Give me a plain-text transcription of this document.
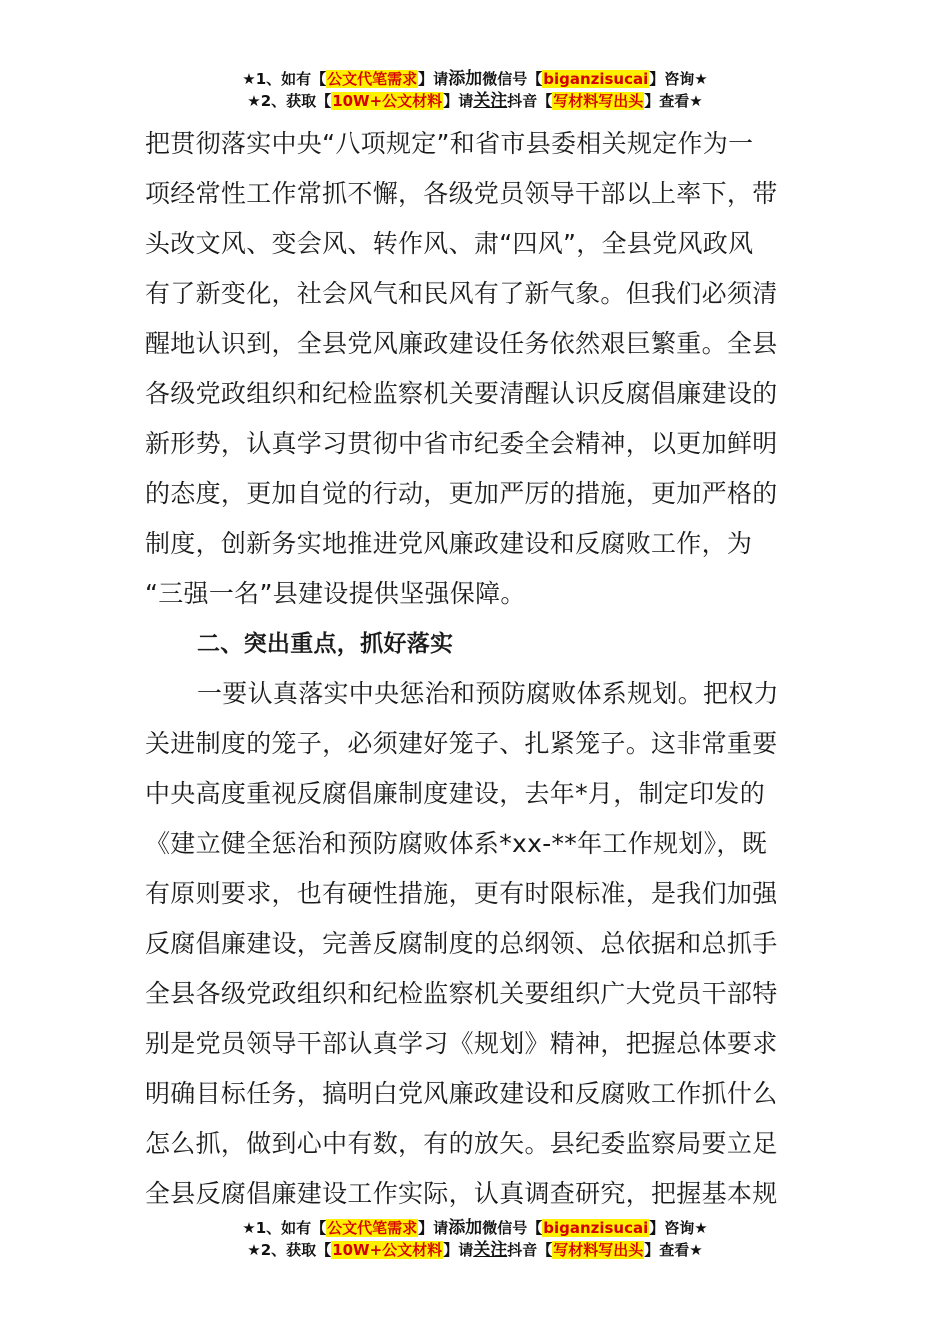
★1、如有【公文代笔需求】请添加微信号【biganzisucai】咨询★
★2、获取【10W+公文材料】请关注抖音【写材料写出头】查看★
把贯彻落实中央“八项规定”和省市县委相关规定作为一
项经常性工作常抓不懈，各级党员领导干部以上率下，带
头改文风、变会风、转作风、肃“四风”，全县党风政风
有了新变化，社会风气和民风有了新气象。但我们必须清
醒地认识到，全县党风廉政建设任务依然艰巨繁重。全县
各级党政组织和纪检监察机关要清醒认识反腐倡廉建设的
新形势，认真学习贯彻中省市纪委全会精神，以更加鲜明
的态度，更加自觉的行动，更加严厉的措施，更加严格的
制度，创新务实地推进党风廉政建设和反腐败工作，为
“三强一名”县建设提供坚强保障。
二、突出重点，抓好落实
一要认真落实中央惩治和预防腐败体系规划。把权力
关进制度的笼子，必须建好笼子、扎紧笼子。这非常重要
中央高度重视反腐倡廉制度建设，去年*月，制定印发的
《建立健全惩治和预防腐败体系*xx-**年工作规划》，既
有原则要求，也有硬性措施，更有时限标准，是我们加强
反腐倡廉建设，完善反腐制度的总纲领、总依据和总抓手
全县各级党政组织和纪检监察机关要组织广大党员干部特
别是党员领导干部认真学习《规划》精神，把握总体要求
明确目标任务，搞明白党风廉政建设和反腐败工作抓什么
怎么抓，做到心中有数，有的放矢。县纪委监察局要立足
全县反腐倡廉建设工作实际，认真调查研究，把握基本规
★1、如有【公文代笔需求】请添加微信号【biganzisucai】咨询★
★2、获取【10W+公文材料】请关注抖音【写材料写出头】查看★
